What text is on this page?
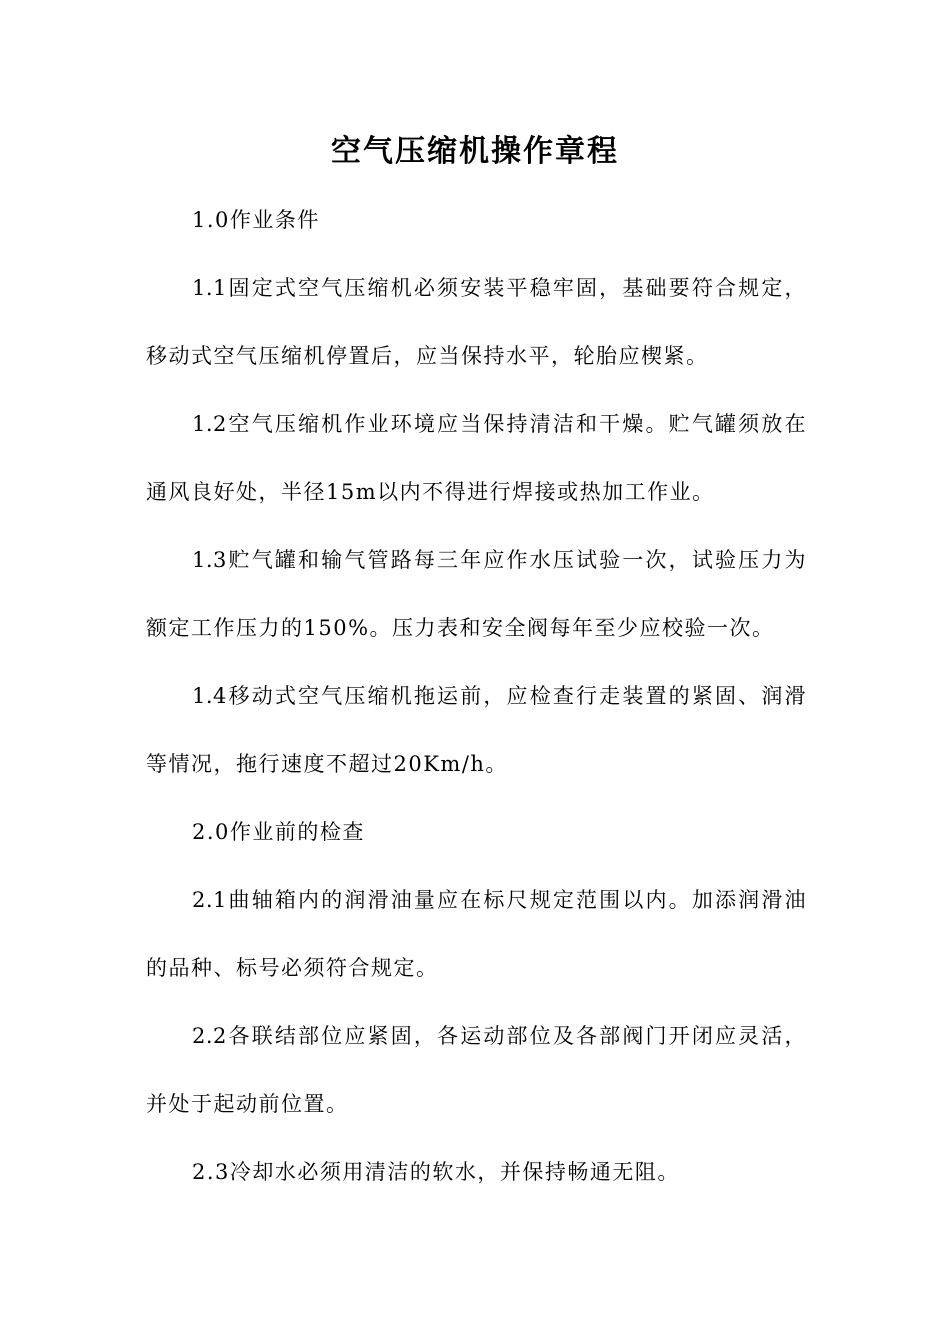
空气压缩机操作章程
1.0作业条件
1.1固定式空气压缩机必须安装平稳牢固，基础要符合规定，
移动式空气压缩机停置后，应当保持水平，轮胎应楔紧。
1.2空气压缩机作业环境应当保持清洁和干燥。贮气罐须放在
通风良好处，半径15m以内不得进行焊接或热加工作业。
1.3贮气罐和输气管路每三年应作水压试验一次，试验压力为
额定工作压力的150%。压力表和安全阀每年至少应校验一次。
1.4移动式空气压缩机拖运前，应检查行走装置的紧固、润滑
等情况，拖行速度不超过20Km/h。
2.0作业前的检查
2.1曲轴箱内的润滑油量应在标尺规定范围以内。加添润滑油
的品种、标号必须符合规定。
2.2各联结部位应紧固，各运动部位及各部阀门开闭应灵活，
并处于起动前位置。
2.3冷却水必须用清洁的软水，并保持畅通无阻。
